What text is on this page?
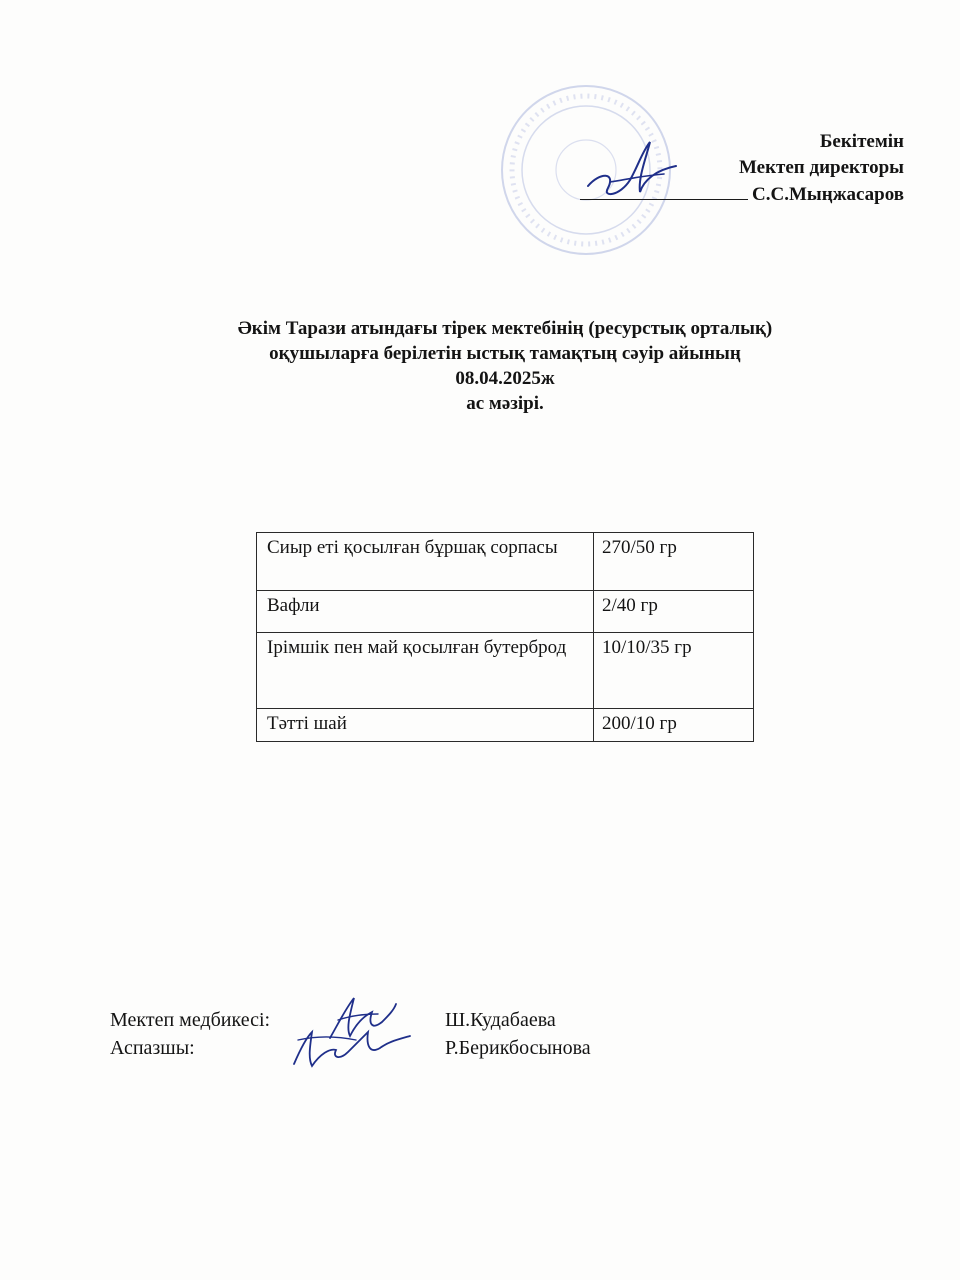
Бекітемін
Мектеп директоры
С.С.Мыңжасаров
Әкім Тарази атындағы тірек мектебінің (ресурстық орталық)
оқушыларға берілетін ыстық тамақтың сәуір айының
08.04.2025ж
ас мәзірі.
Сиыр еті қосылған бұршақ сорпасы	270/50 гр
Вафли	2/40 гр
Ірімшік пен май қосылған бутерброд	10/10/35 гр
Тәтті шай	200/10 гр
Мектеп медбикесі:	Ш.Кудабаева
Аспазшы:	Р.Берикбосынова
